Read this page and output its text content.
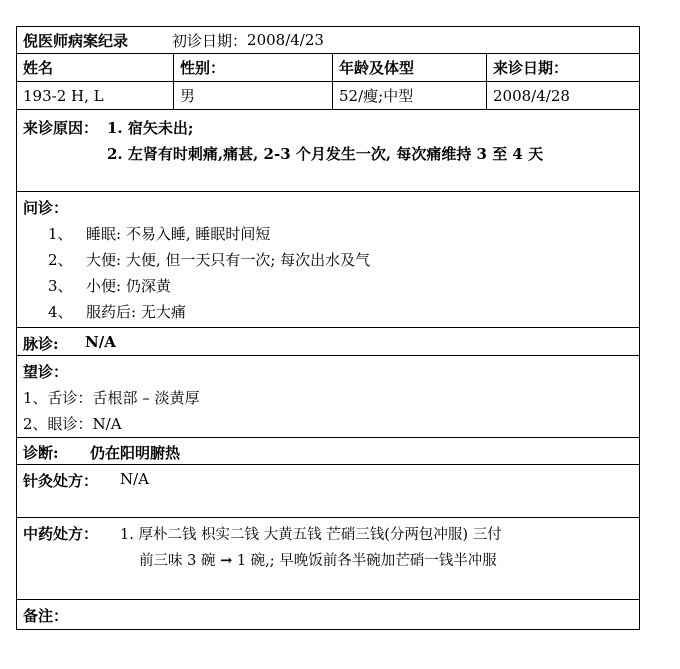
倪医师病案纪录	初诊日期： 2008/4/23
姓名	性别：	年龄及体型	来诊日期：
193-2 H, L	男	52/瘦;中型	2008/4/28
来诊原因： 1. 宿矢未出;
2. 左肾有时刺痛,痛甚, 2-3 个月发生一次, 每次痛维持 3 至 4 天
问诊：
1、 睡眠: 不易入睡, 睡眠时间短
2、 大便: 大便, 但一天只有一次; 每次出水及气
3、 小便: 仍深黄
4、 服药后: 无大痛
脉诊: N/A
望诊：
1、舌诊：舌根部 – 淡黄厚
2、眼诊：N/A
诊断: 仍在阳明腑热
针灸处方： N/A
中药处方： 1. 厚朴二钱 枳实二钱 大黄五钱 芒硝三钱(分两包冲服) 三付
前三味 3 碗 → 1 碗,; 早晚饭前各半碗加芒硝一钱半冲服
备注：
